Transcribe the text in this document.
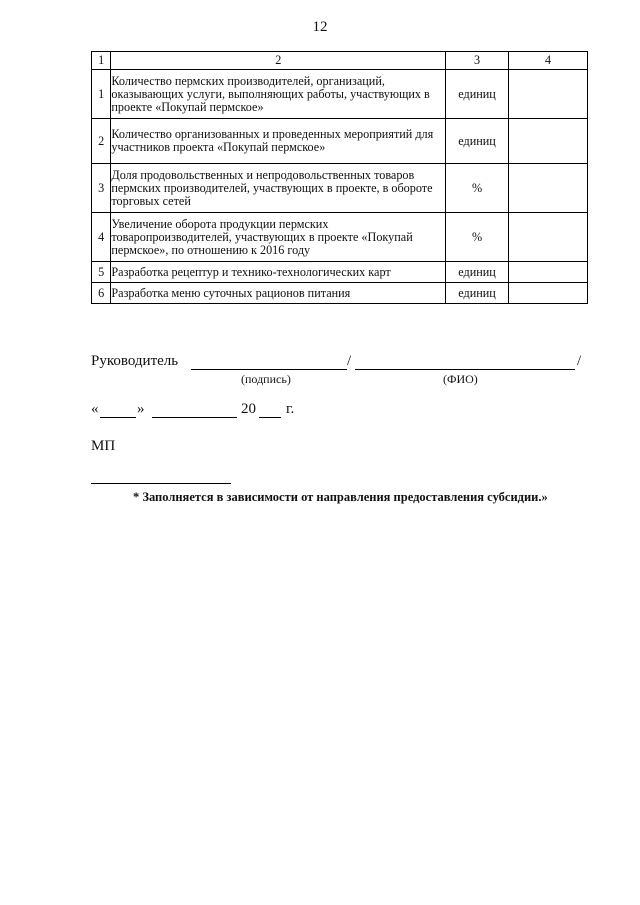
12
1	2	3	4
1	Количество пермских производителей, организаций, оказывающих услуги, выполняющих работы, участвующих в проекте «Покупай пермское»	единиц	
2	Количество организованных и проведенных мероприятий для участников проекта «Покупай пермское»	единиц	
3	Доля продовольственных и непродовольственных товаров пермских производителей, участвующих в проекте, в обороте торговых сетей	%	
4	Увеличение оборота продукции пермских товаропроизводителей, участвующих в проекте «Покупай пермское», по отношению к 2016 году	%	
5	Разработка рецептур и технико-технологических карт	единиц	
6	Разработка меню суточных рационов питания	единиц	
Руководитель	/	/
(подпись)	(ФИО)
«	»	20 г.
МП
* Заполняется в зависимости от направления предоставления субсидии.»
